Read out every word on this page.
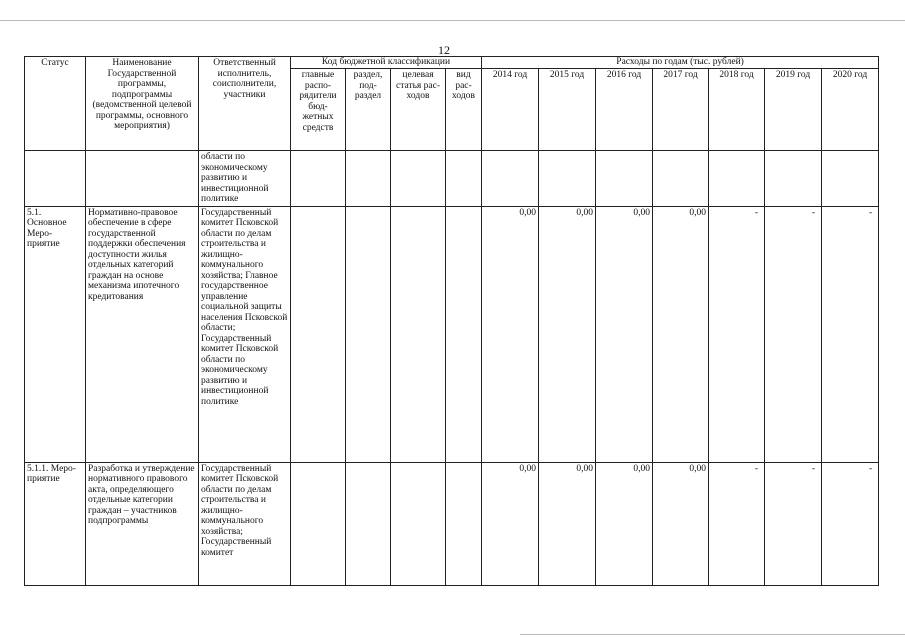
12
Статус	Наименование Государственной программы, подпрограммы (ведомственной целевой программы, основного мероприятия)	Ответственный исполнитель, соисполнители, участники	Код бюджетной классификации				Расходы по годам (тыс. рублей)						
			главные распо-рядители бюд-жетных средств	раздел, под-раздел	целевая статья рас-ходов	вид рас-ходов	2014 год	2015 год	2016 год	2017 год	2018 год	2019 год	2020 год
		области по экономическому развитию и инвестиционной политике											
5.1. Основное Меро-приятие	Нормативно-правовое обеспечение в сфере государственной поддержки обеспечения доступности жилья отдельных категорий граждан на основе механизма ипотечного кредитования	Государственный комитет Псковской области по делам строительства и жилищно-коммунального хозяйства; Главное государственное управление социальной защиты населения Псковской области; Государственный комитет Псковской области по экономическому развитию и инвестиционной политике					0,00	0,00	0,00	0,00	-	-	-
5.1.1. Меро-приятие	Разработка и утверждение нормативного правового акта, определяющего отдельные категории граждан – участников подпрограммы	Государственный комитет Псковской области по делам строительства и жилищно-коммунального хозяйства; Государственный комитет					0,00	0,00	0,00	0,00	-	-	-
